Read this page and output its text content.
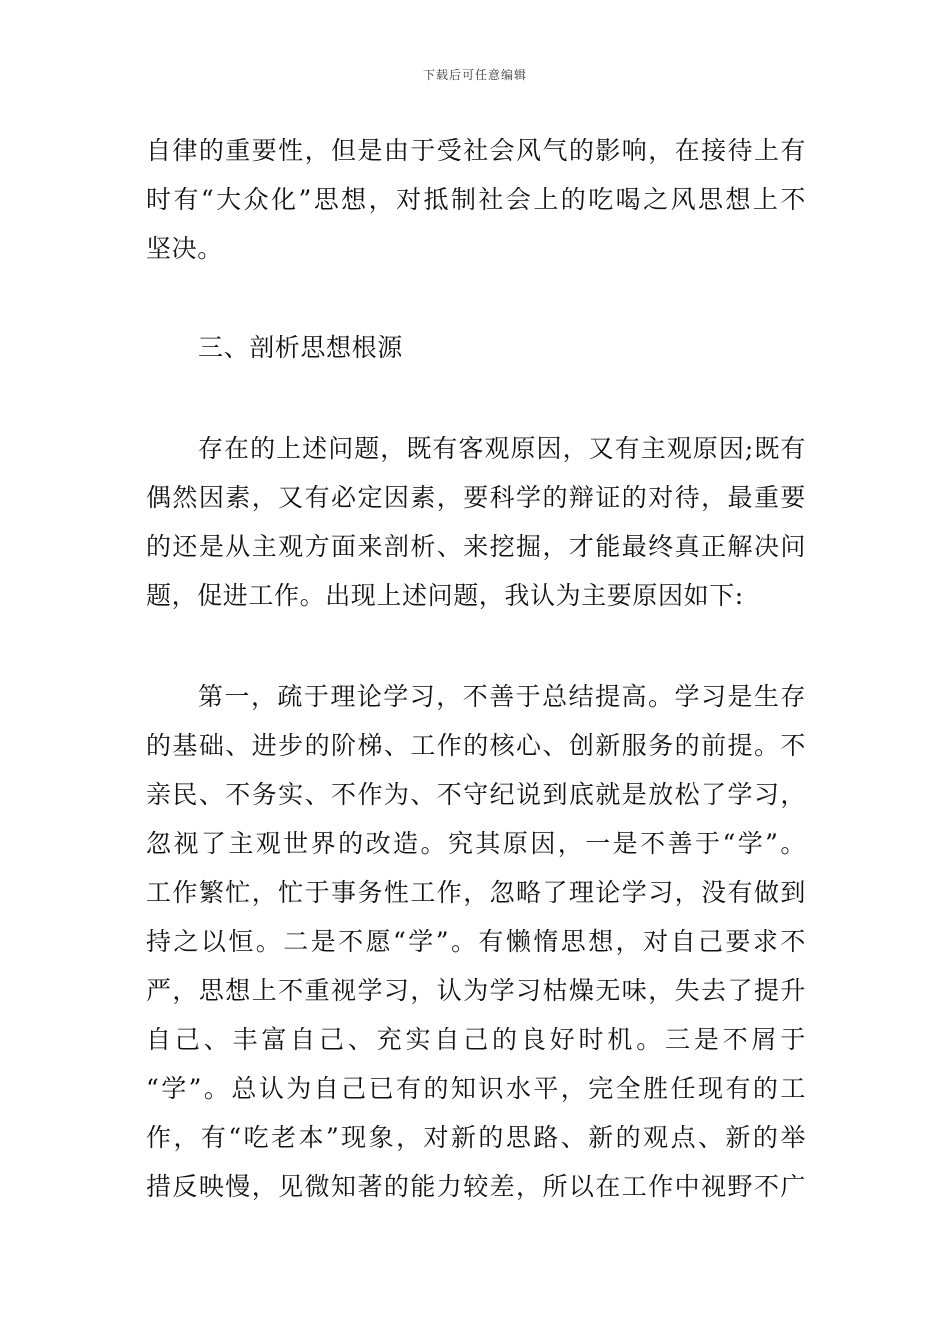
下载后可任意编辑
自律的重要性，但是由于受社会风气的影响，在接待上有
时有“大众化”思想，对抵制社会上的吃喝之风思想上不
坚决。
三、剖析思想根源
存在的上述问题，既有客观原因，又有主观原因;既有
偶然因素，又有必定因素，要科学的辩证的对待，最重要
的还是从主观方面来剖析、来挖掘，才能最终真正解决问
题，促进工作。出现上述问题，我认为主要原因如下:
第一，疏于理论学习，不善于总结提高。学习是生存
的基础、进步的阶梯、工作的核心、创新服务的前提。不
亲民、不务实、不作为、不守纪说到底就是放松了学习，
忽视了主观世界的改造。究其原因，一是不善于“学”。
工作繁忙，忙于事务性工作，忽略了理论学习，没有做到
持之以恒。二是不愿“学”。有懒惰思想，对自己要求不
严，思想上不重视学习，认为学习枯燥无味，失去了提升
自己、丰富自己、充实自己的良好时机。三是不屑于
“学”。总认为自己已有的知识水平，完全胜任现有的工
作，有“吃老本”现象，对新的思路、新的观点、新的举
措反映慢，见微知著的能力较差，所以在工作中视野不广
